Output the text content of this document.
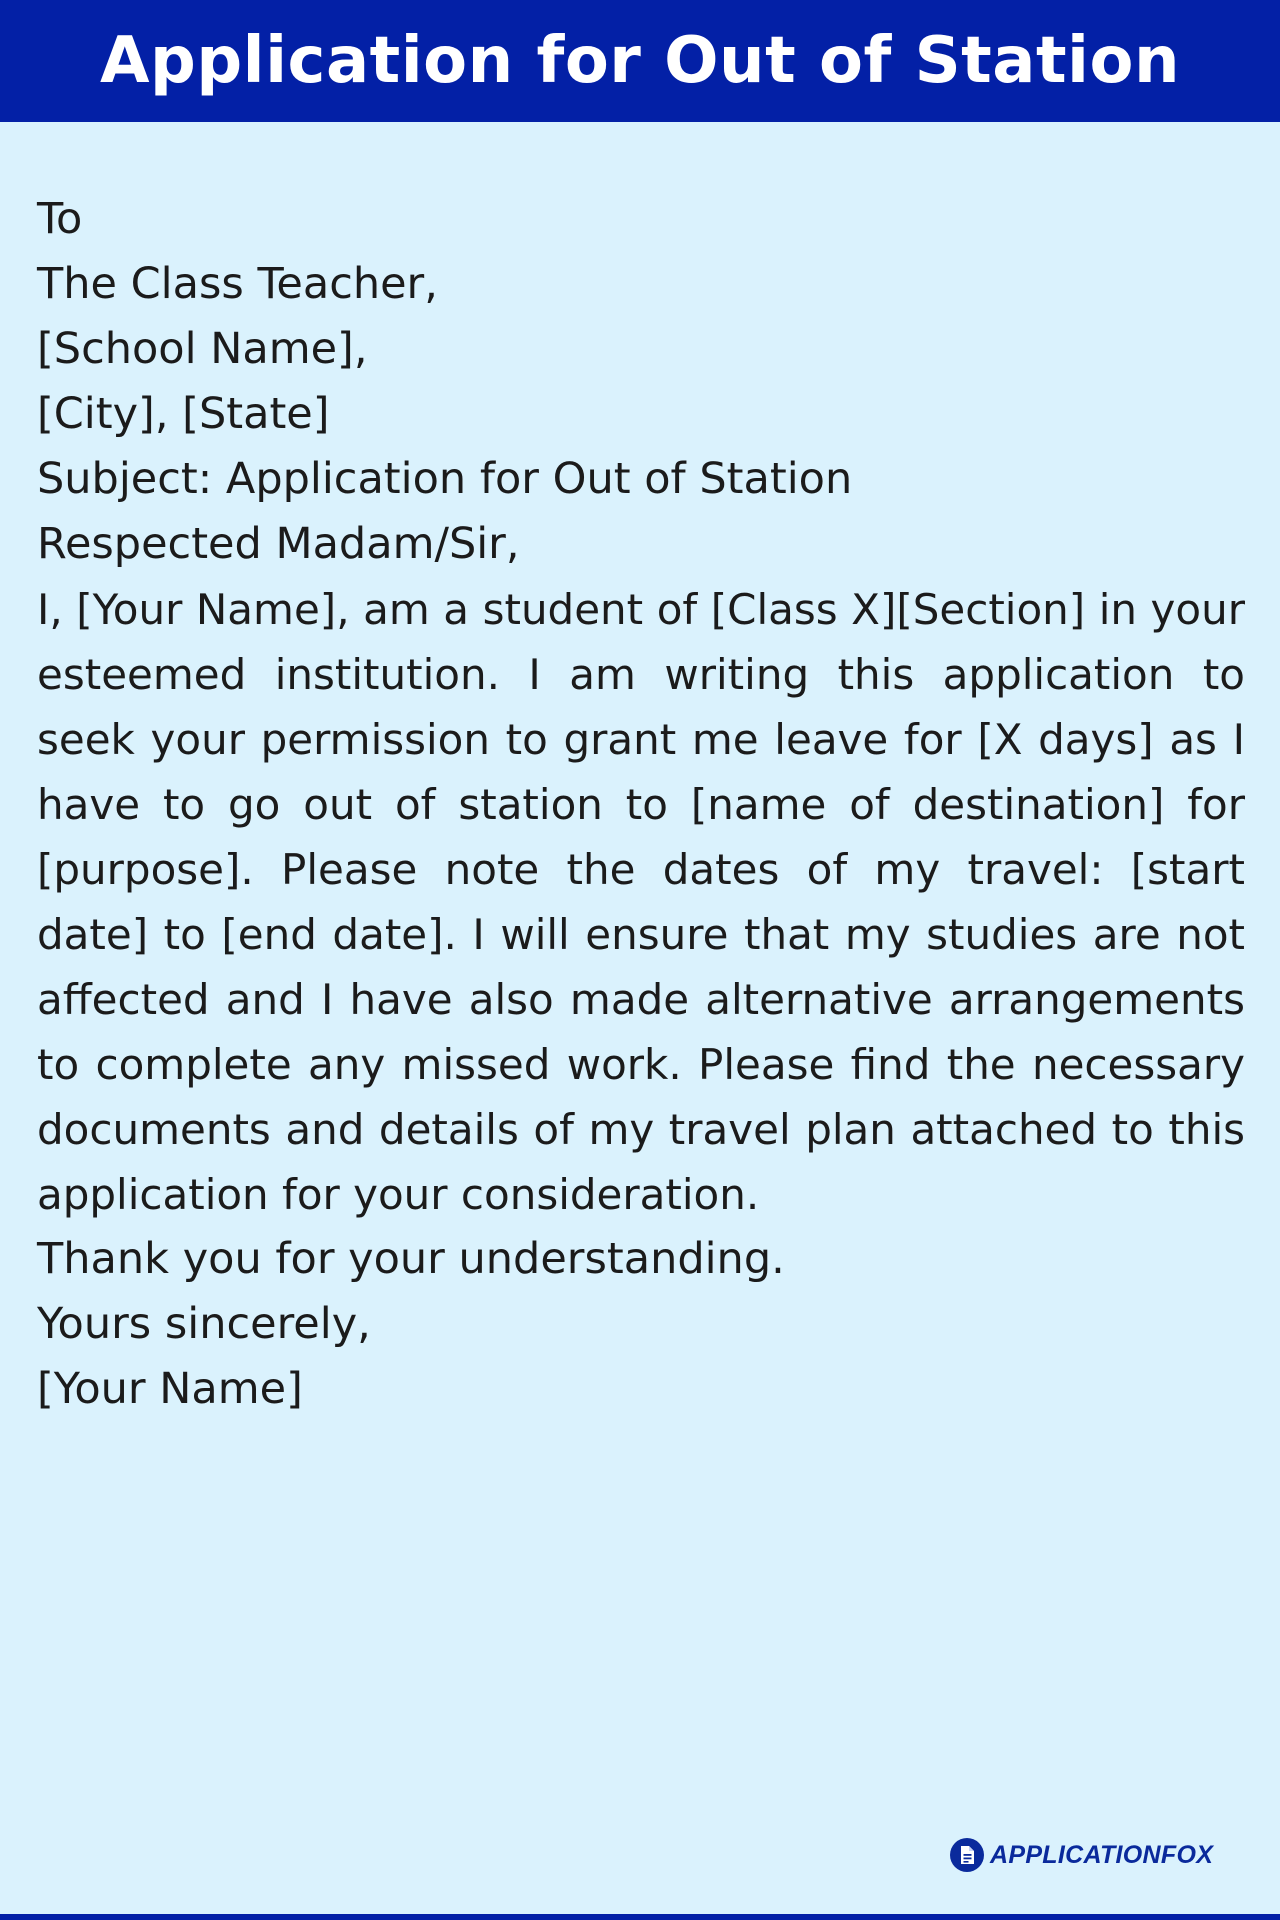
Application for Out of Station

To
The Class Teacher,
[School Name],
[City], [State]

Subject: Application for Out of Station

Respected Madam/Sir,

I, [Your Name], am a student of [Class X][Section] in your esteemed institution. I am writing this application to seek your permission to grant me leave for [X days] as I have to go out of station to [name of destination] for [purpose]. Please note the dates of my travel: [start date] to [end date]. I will ensure that my studies are not affected and I have also made alternative arrangements to complete any missed work. Please find the necessary documents and details of my travel plan attached to this application for your consideration.

Thank you for your understanding.

Yours sincerely,
[Your Name]

APPLICATIONFOX
